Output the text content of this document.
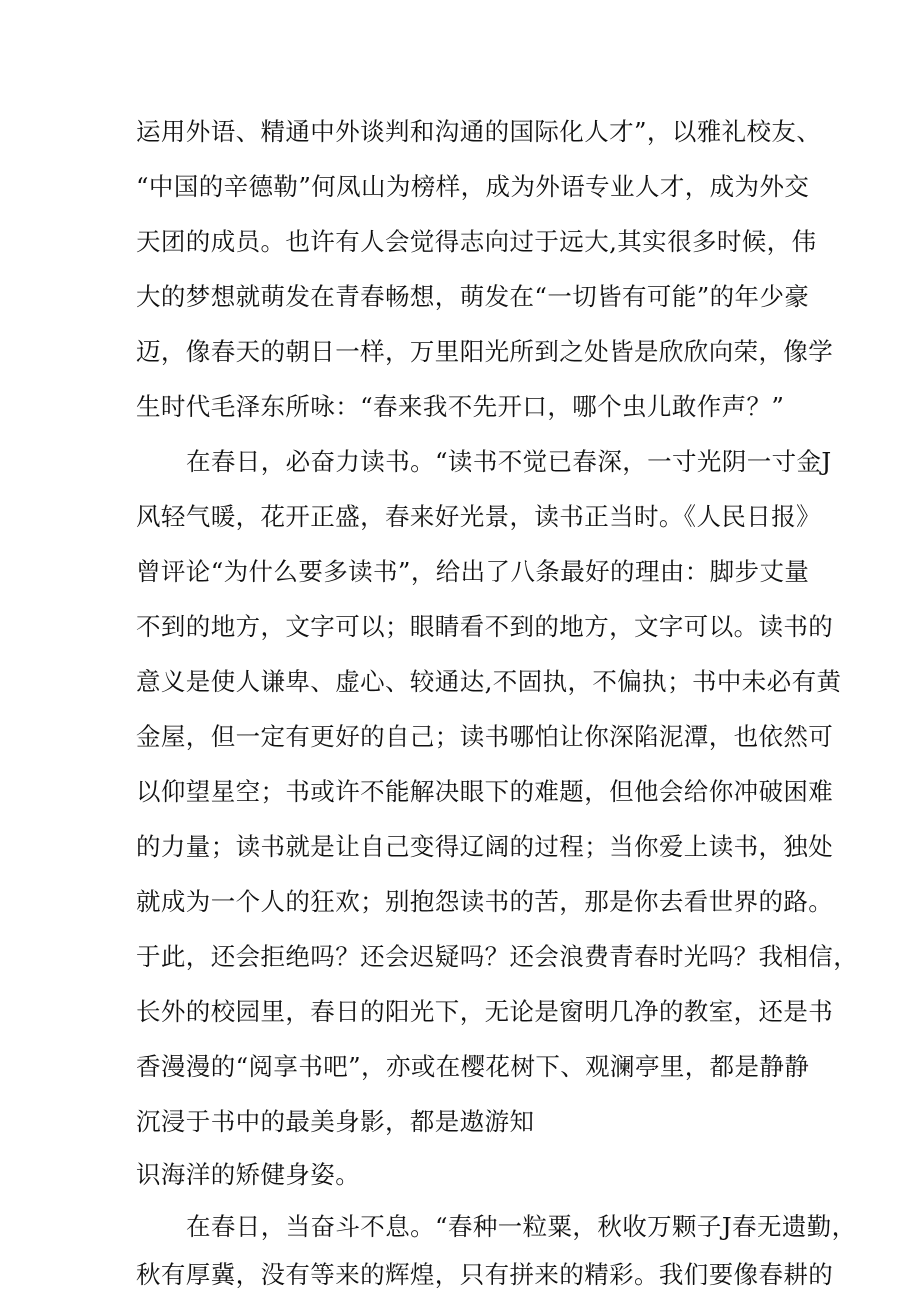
运用外语、精通中外谈判和沟通的国际化人才”，以雅礼校友、
“中国的辛德勒”何凤山为榜样，成为外语专业人才，成为外交
天团的成员。也许有人会觉得志向过于远大,其实很多时候，伟
大的梦想就萌发在青春畅想，萌发在“一切皆有可能”的年少豪
迈，像春天的朝日一样，万里阳光所到之处皆是欣欣向荣，像学
生时代毛泽东所咏：“春来我不先开口，哪个虫儿敢作声？”
在春日，必奋力读书。“读书不觉已春深，一寸光阴一寸金J
风轻气暖，花开正盛，春来好光景，读书正当时。《人民日报》
曾评论“为什么要多读书”，给出了八条最好的理由：脚步丈量
不到的地方，文字可以；眼睛看不到的地方，文字可以。读书的
意义是使人谦卑、虚心、较通达,不固执，不偏执；书中未必有黄
金屋，但一定有更好的自己；读书哪怕让你深陷泥潭，也依然可
以仰望星空；书或许不能解决眼下的难题，但他会给你冲破困难
的力量；读书就是让自己变得辽阔的过程；当你爱上读书，独处
就成为一个人的狂欢；别抱怨读书的苦，那是你去看世界的路。
于此，还会拒绝吗？还会迟疑吗？还会浪费青春时光吗？我相信，
长外的校园里，春日的阳光下，无论是窗明几净的教室，还是书
香漫漫的“阅享书吧”，亦或在樱花树下、观澜亭里，都是静静
沉浸于书中的最美身影，都是遨游知
识海洋的矫健身姿。
在春日，当奋斗不息。“春种一粒粟，秋收万颗子J春无遗勤，
秋有厚冀，没有等来的辉煌，只有拼来的精彩。我们要像春耕的
